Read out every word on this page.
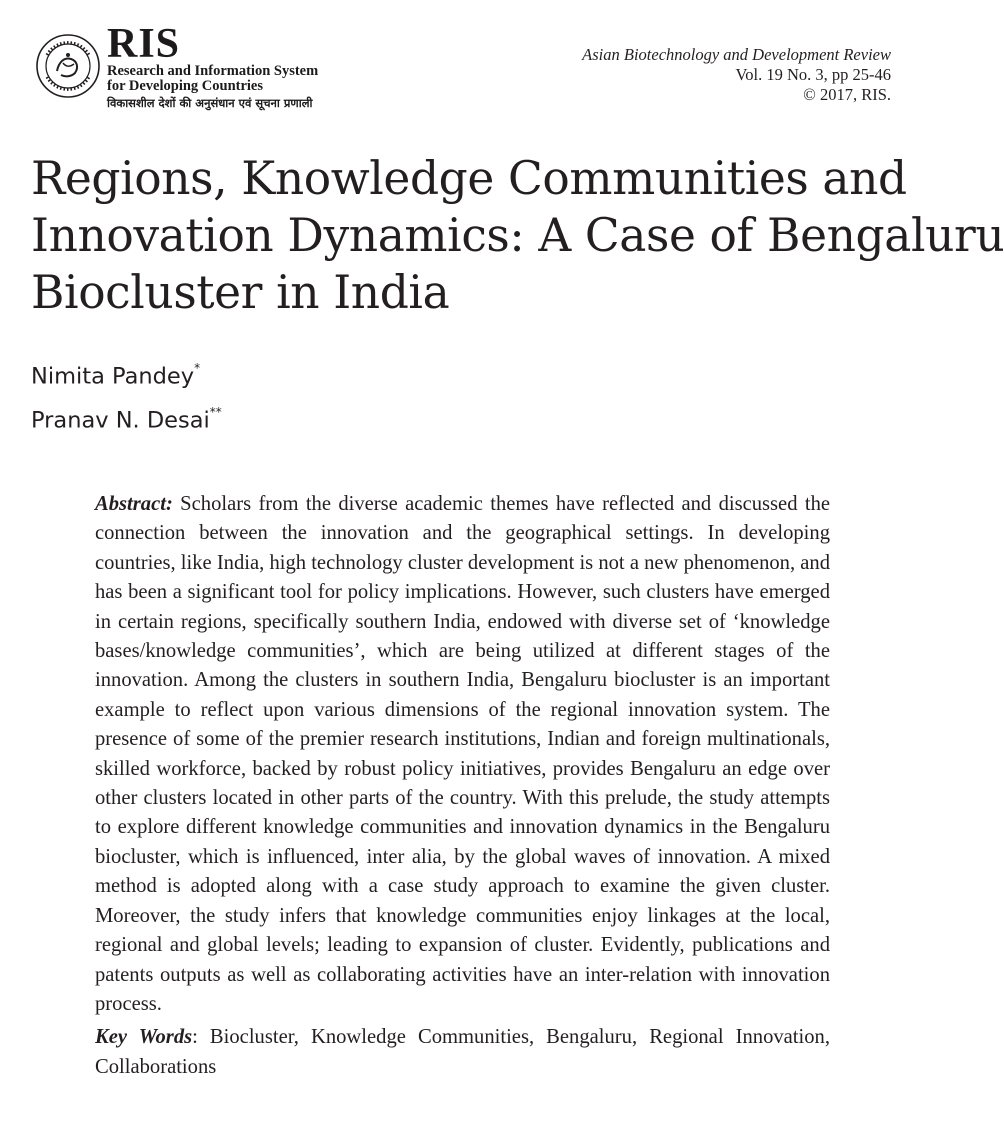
RIS
Research and Information System
for Developing Countries
विकासशील देशों की अनुसंधान एवं सूचना प्रणाली
Asian Biotechnology and Development Review
Vol. 19 No. 3, pp 25-46
© 2017, RIS.
Regions, Knowledge Communities and
Innovation Dynamics: A Case of Bengaluru
Biocluster in India
Nimita Pandey*
Pranav N. Desai**

Abstract: Scholars from the diverse academic themes have reflected and discussed the connection between the innovation and the geographical settings. In developing countries, like India, high technology cluster development is not a new phenomenon, and has been a significant tool for policy implications. However, such clusters have emerged in certain regions, specifically southern India, endowed with diverse set of ‘knowledge bases/knowledge communities’, which are being utilized at different stages of the innovation. Among the clusters in southern India, Bengaluru biocluster is an important example to reflect upon various dimensions of the regional innovation system. The presence of some of the premier research institutions, Indian and foreign multinationals, skilled workforce, backed by robust policy initiatives, provides Bengaluru an edge over other clusters located in other parts of the country. With this prelude, the study attempts to explore different knowledge communities and innovation dynamics in the Bengaluru biocluster, which is influenced, inter alia, by the global waves of innovation. A mixed method is adopted along with a case study approach to examine the given cluster. Moreover, the study infers that knowledge communities enjoy linkages at the local, regional and global levels; leading to expansion of cluster. Evidently, publications and patents outputs as well as collaborating activities have an inter-relation with innovation process.

Key Words: Biocluster, Knowledge Communities, Bengaluru, Regional Innovation, Collaborations
